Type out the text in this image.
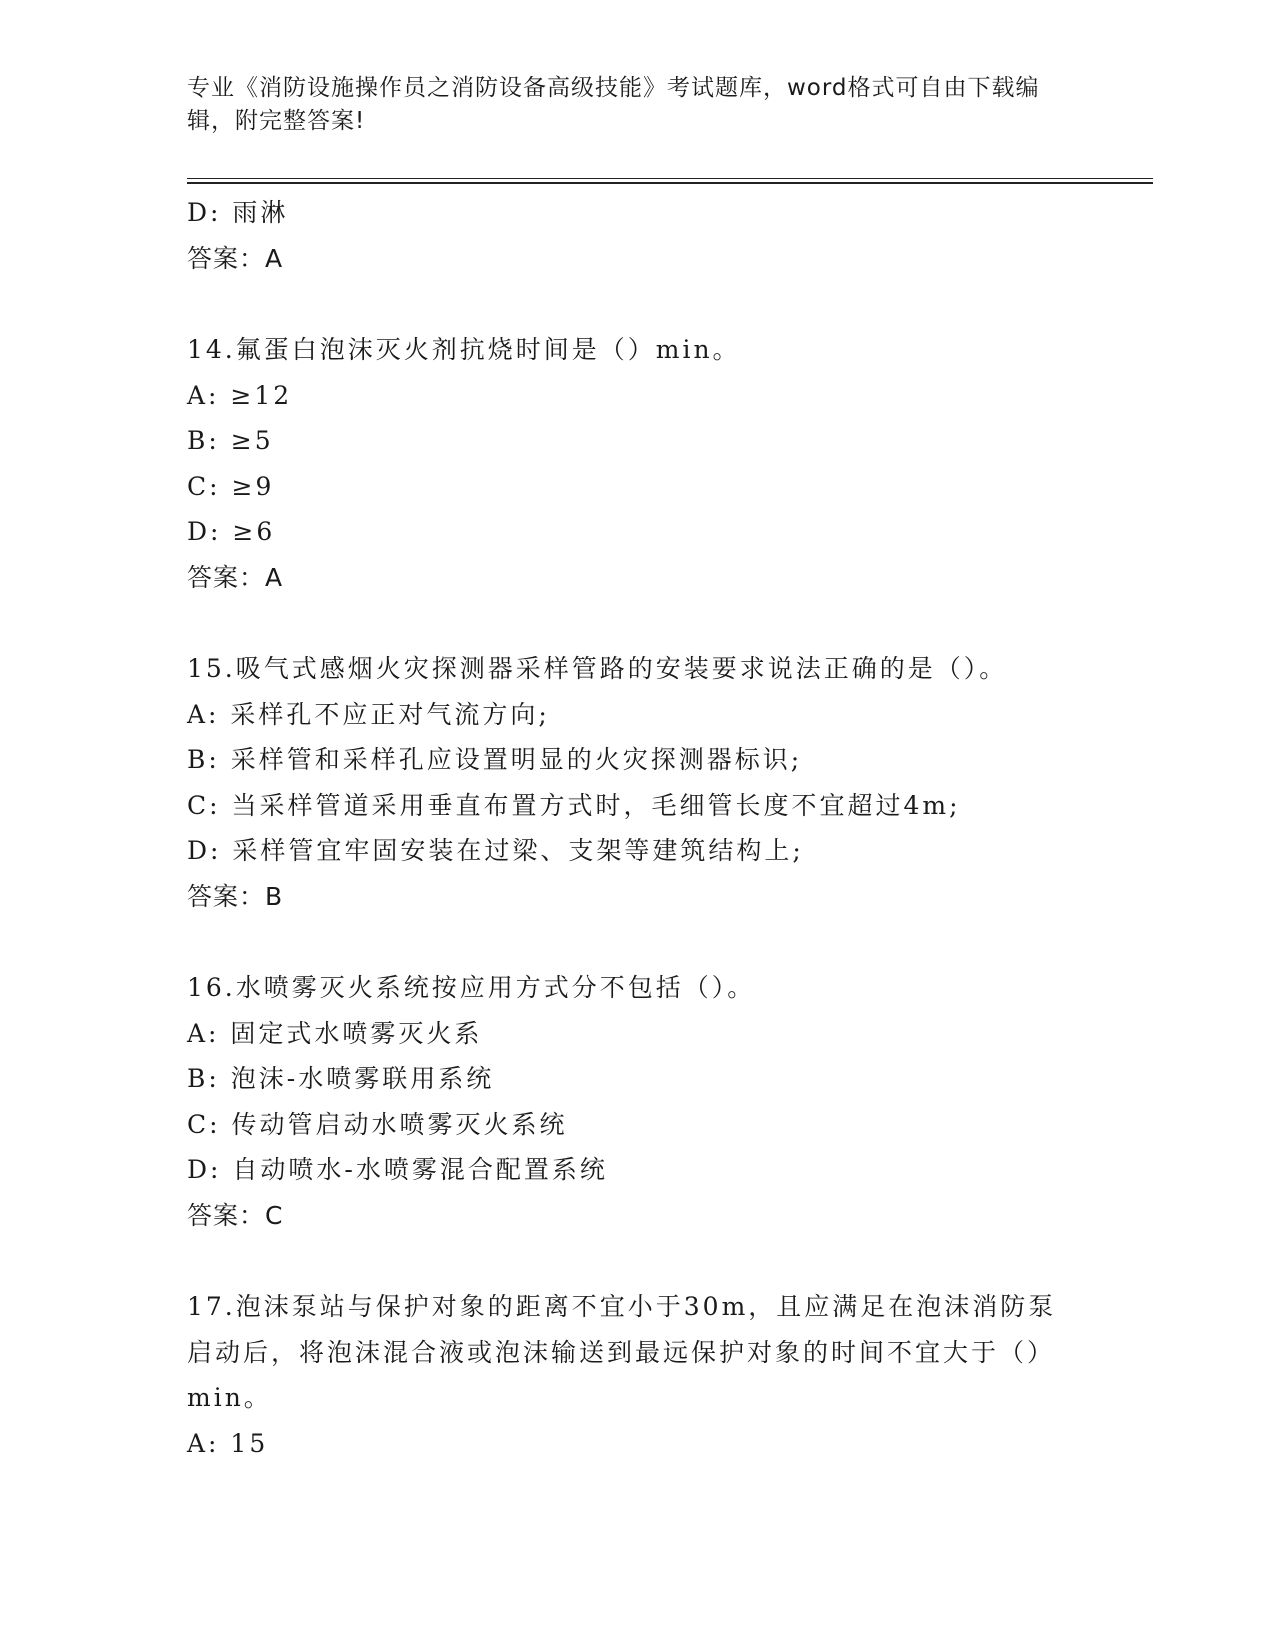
专业《消防设施操作员之消防设备高级技能》考试题库，word格式可自由下载编辑，附完整答案!
D: 雨淋
答案：A
14.氟蛋白泡沫灭火剂抗烧时间是（）min。
A: ≥12
B: ≥5
C: ≥9
D: ≥6
答案：A
15.吸气式感烟火灾探测器采样管路的安装要求说法正确的是（）。
A: 采样孔不应正对气流方向;
B: 采样管和采样孔应设置明显的火灾探测器标识;
C: 当采样管道采用垂直布置方式时，毛细管长度不宜超过4m;
D: 采样管宜牢固安装在过梁、支架等建筑结构上;
答案：B
16.水喷雾灭火系统按应用方式分不包括（）。
A: 固定式水喷雾灭火系
B: 泡沫-水喷雾联用系统
C: 传动管启动水喷雾灭火系统
D: 自动喷水-水喷雾混合配置系统
答案：C
17.泡沫泵站与保护对象的距离不宜小于30m，且应满足在泡沫消防泵启动后，将泡沫混合液或泡沫输送到最远保护对象的时间不宜大于（）min。
A: 15
